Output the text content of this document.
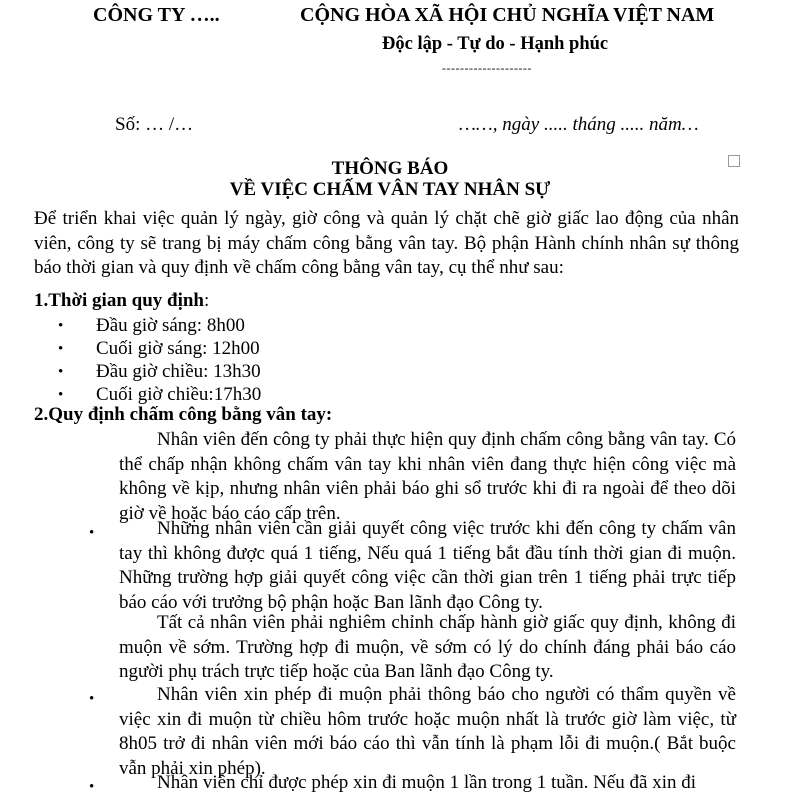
CÔNG TY …..	CỘNG HÒA XÃ HỘI CHỦ NGHĨA VIỆT NAM
Độc lập - Tự do - Hạnh phúc
--------------------
Số: … /…	……, ngày ..... tháng ..... năm…
THÔNG BÁO
VỀ VIỆC CHẤM VÂN TAY NHÂN SỰ
Để triển khai việc quản lý ngày, giờ công và quản lý chặt chẽ giờ giấc lao động của nhân viên, công ty sẽ trang bị máy chấm công bằng vân tay. Bộ phận Hành chính nhân sự thông báo thời gian và quy định về chấm công bằng vân tay, cụ thể như sau:
1.Thời gian quy định:
• Đầu giờ sáng: 8h00
• Cuối giờ sáng: 12h00
• Đầu giờ chiều: 13h30
• Cuối giờ chiều:17h30
2.Quy định chấm công bằng vân tay:
Nhân viên đến công ty phải thực hiện quy định chấm công bằng vân tay. Có thể chấp nhận không chấm vân tay khi nhân viên đang thực hiện công việc mà không về kịp, nhưng nhân viên phải báo ghi sổ trước khi đi ra ngoài để theo dõi giờ về hoặc báo cáo cấp trên.
•	Những nhân viên cần giải quyết công việc trước khi đến công ty chấm vân tay thì không được quá 1 tiếng, Nếu quá 1 tiếng bắt đầu tính thời gian đi muộn. Những trường hợp giải quyết công việc cần thời gian trên 1 tiếng phải trực tiếp báo cáo với trưởng bộ phận hoặc Ban lãnh đạo Công ty.
Tất cả nhân viên phải nghiêm chỉnh chấp hành giờ giấc quy định, không đi muộn về sớm. Trường hợp đi muộn, về sớm có lý do chính đáng phải báo cáo người phụ trách trực tiếp hoặc của Ban lãnh đạo Công ty.
•	Nhân viên xin phép đi muộn phải thông báo cho người có thẩm quyền về việc xin đi muộn từ chiều hôm trước hoặc muộn nhất là trước giờ làm việc, từ 8h05 trở đi nhân viên mới báo cáo thì vẫn tính là phạm lỗi đi muộn.( Bắt buộc vẫn phải xin phép).
•	Nhân viên chỉ được phép xin đi muộn 1 lần trong 1 tuần. Nếu đã xin đi
